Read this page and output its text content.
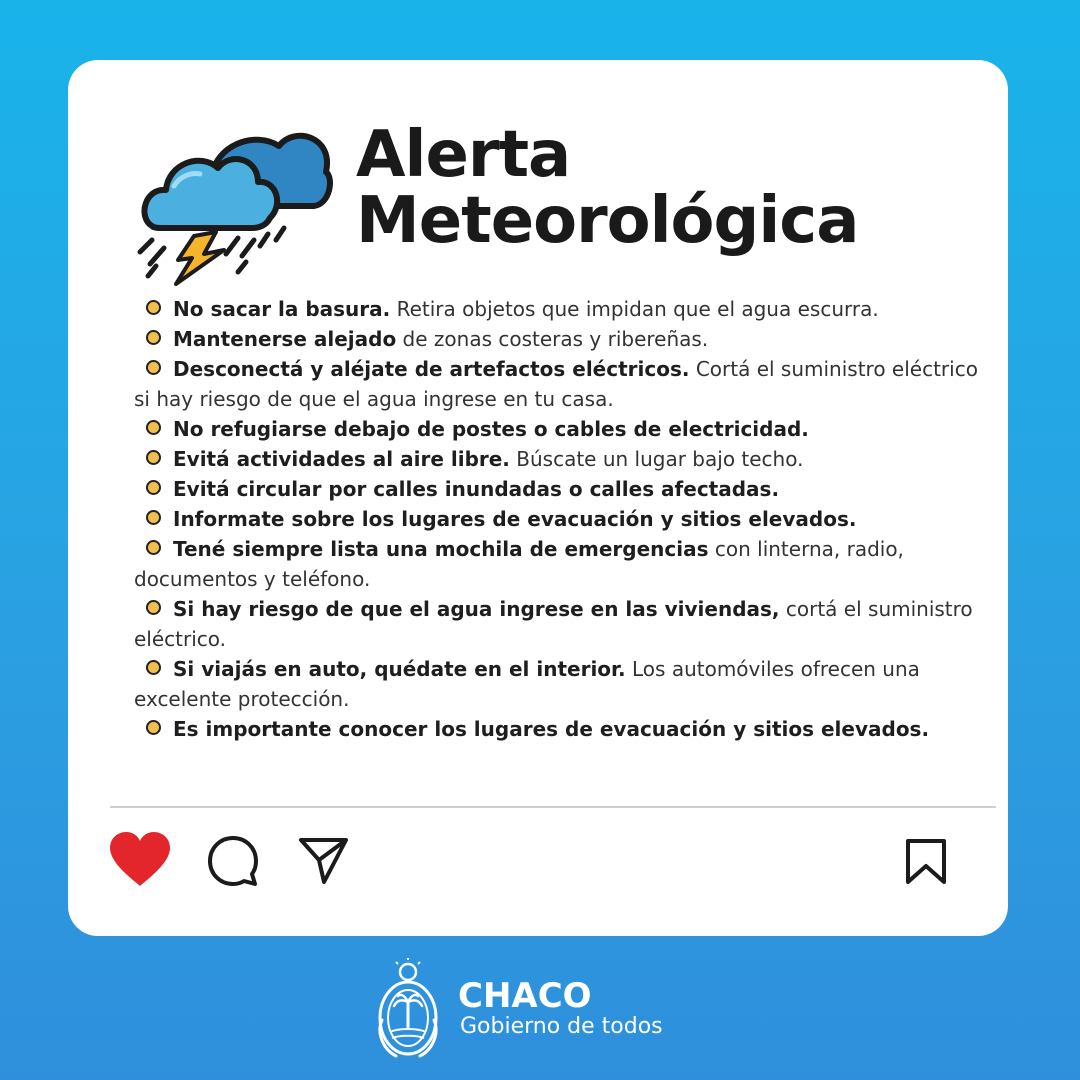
Alerta
Meteorológica
No sacar la basura. Retira objetos que impidan que el agua escurra.
Mantenerse alejado de zonas costeras y ribereñas.
Desconectá y aléjate de artefactos eléctricos. Cortá el suministro eléctrico si hay riesgo de que el agua ingrese en tu casa.
No refugiarse debajo de postes o cables de electricidad.
Evitá actividades al aire libre. Búscate un lugar bajo techo.
Evitá circular por calles inundadas o calles afectadas.
Informate sobre los lugares de evacuación y sitios elevados.
Tené siempre lista una mochila de emergencias con linterna, radio, documentos y teléfono.
Si hay riesgo de que el agua ingrese en las viviendas, cortá el suministro eléctrico.
Si viajás en auto, quédate en el interior. Los automóviles ofrecen una excelente protección.
Es importante conocer los lugares de evacuación y sitios elevados.
CHACO
Gobierno de todos
